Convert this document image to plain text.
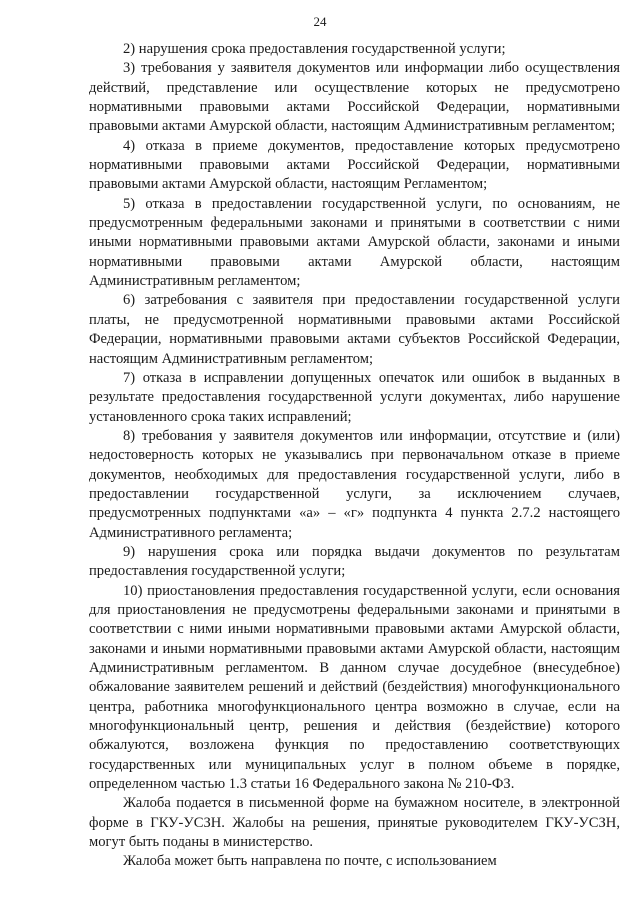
24

2) нарушения срока предоставления государственной услуги;

3) требования у заявителя документов или информации либо осуществления действий, представление или осуществление которых не предусмотрено нормативными правовыми актами Российской Федерации, нормативными правовыми актами Амурской области, настоящим Административным регламентом;

4) отказа в приеме документов, предоставление которых предусмотрено нормативными правовыми актами Российской Федерации, нормативными правовыми актами Амурской области, настоящим Регламентом;

5) отказа в предоставлении государственной услуги, по основаниям, не предусмотренным федеральными законами и принятыми в соответствии с ними иными нормативными правовыми актами Амурской области, законами и иными нормативными правовыми актами Амурской области, настоящим Административным регламентом;

6) затребования с заявителя при предоставлении государственной услуги платы, не предусмотренной нормативными правовыми актами Российской Федерации, нормативными правовыми актами субъектов Российской Федерации, настоящим Административным регламентом;

7) отказа в исправлении допущенных опечаток или ошибок в выданных в результате предоставления государственной услуги документах, либо нарушение установленного срока таких исправлений;

8) требования у заявителя документов или информации, отсутствие и (или) недостоверность которых не указывались при первоначальном отказе в приеме документов, необходимых для предоставления государственной услуги, либо в предоставлении государственной услуги, за исключением случаев, предусмотренных подпунктами «а» – «г» подпункта 4 пункта 2.7.2 настоящего Административного регламента;

9) нарушения срока или порядка выдачи документов по результатам предоставления государственной услуги;

10) приостановления предоставления государственной услуги, если основания для приостановления не предусмотрены федеральными законами и принятыми в соответствии с ними иными нормативными правовыми актами Амурской области, законами и иными нормативными правовыми актами Амурской области, настоящим Административным регламентом. В данном случае досудебное (внесудебное) обжалование заявителем решений и действий (бездействия) многофункционального центра, работника многофункционального центра возможно в случае, если на многофункциональный центр, решения и действия (бездействие) которого обжалуются, возложена функция по предоставлению соответствующих государственных или муниципальных услуг в полном объеме в порядке, определенном частью 1.3 статьи 16 Федерального закона № 210-ФЗ.

Жалоба подается в письменной форме на бумажном носителе, в электронной форме в ГКУ-УСЗН. Жалобы на решения, принятые руководителем ГКУ-УСЗН, могут быть поданы в министерство.

Жалоба может быть направлена по почте, с использованием
